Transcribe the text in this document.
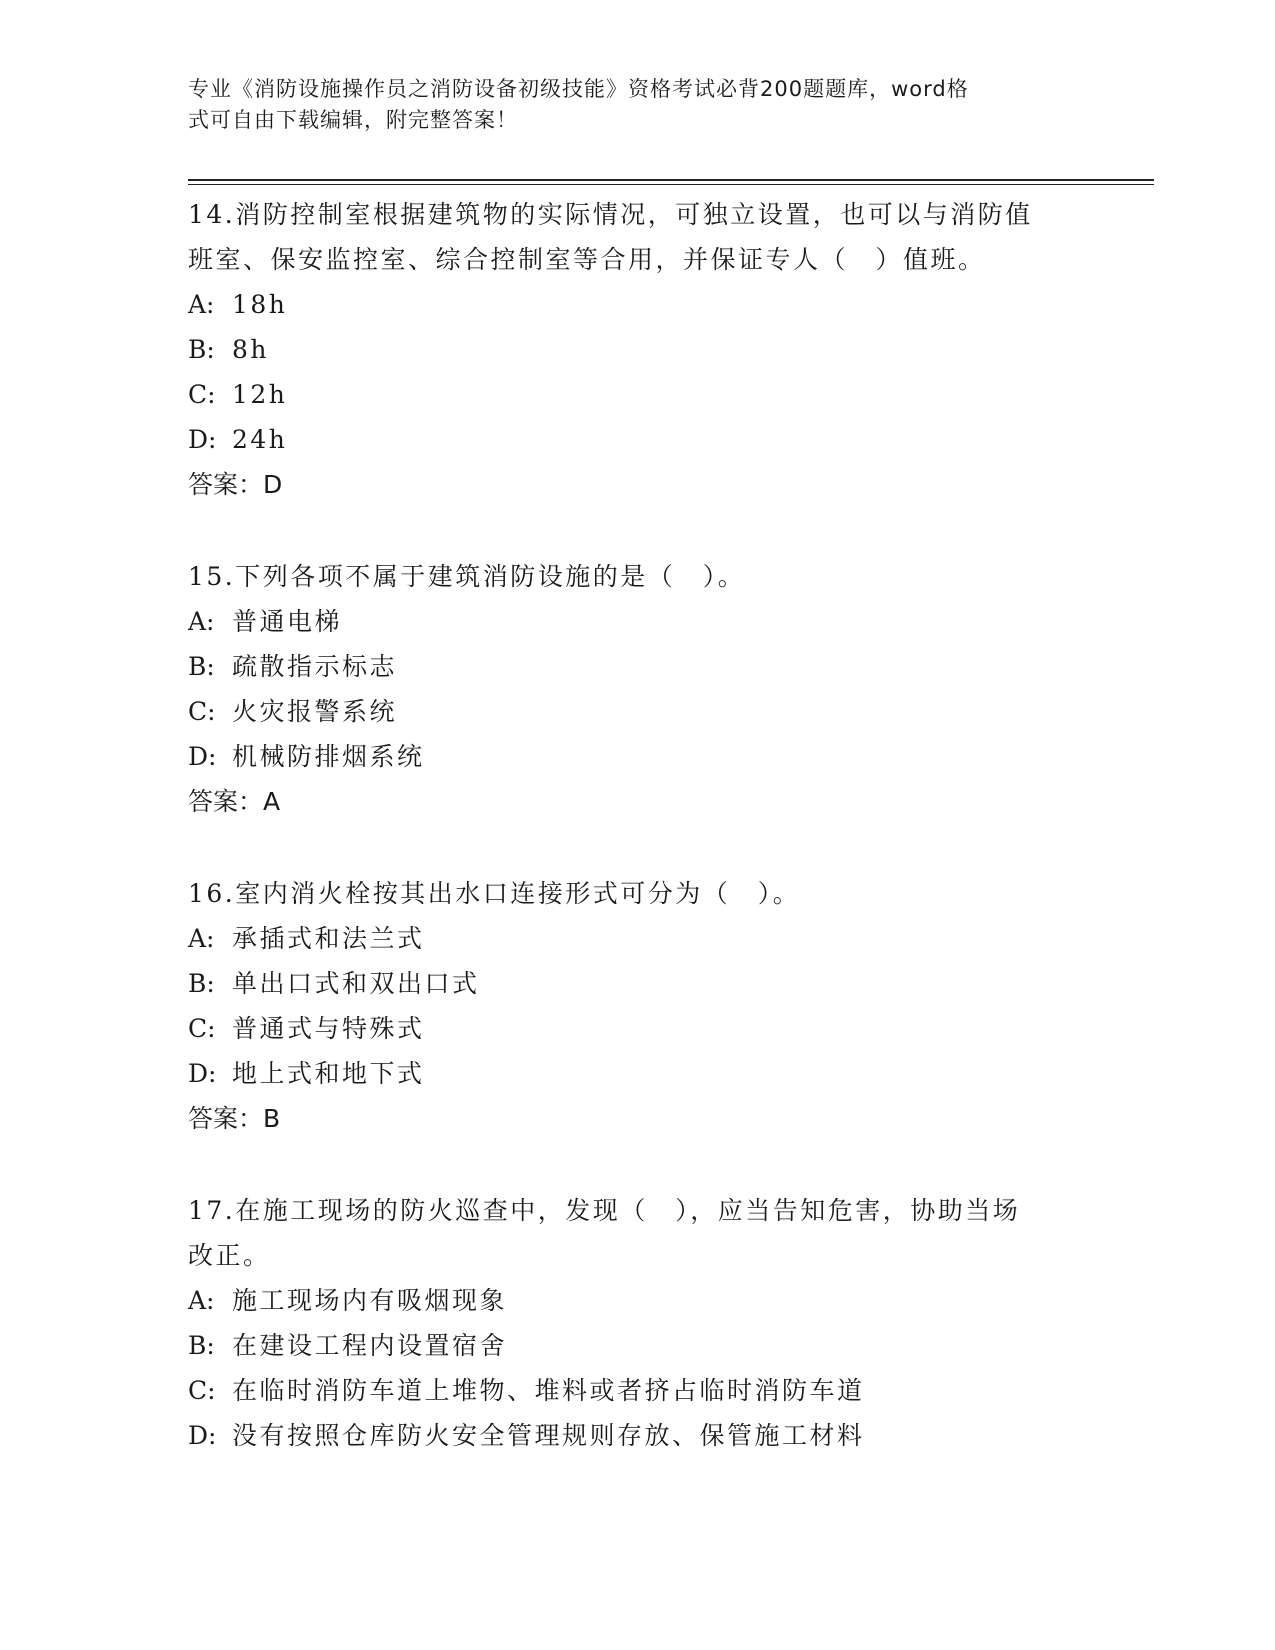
专业《消防设施操作员之消防设备初级技能》资格考试必背200题题库，word格
式可自由下载编辑，附完整答案！
14.消防控制室根据建筑物的实际情况，可独立设置，也可以与消防值
班室、保安监控室、综合控制室等合用，并保证专人（　）值班。
A: 18h
B: 8h
C: 12h
D: 24h
答案：D
15.下列各项不属于建筑消防设施的是（　）。
A: 普通电梯
B: 疏散指示标志
C: 火灾报警系统
D: 机械防排烟系统
答案：A
16.室内消火栓按其出水口连接形式可分为（　）。
A: 承插式和法兰式
B: 单出口式和双出口式
C: 普通式与特殊式
D: 地上式和地下式
答案：B
17.在施工现场的防火巡查中，发现（　），应当告知危害，协助当场
改正。
A: 施工现场内有吸烟现象
B: 在建设工程内设置宿舍
C: 在临时消防车道上堆物、堆料或者挤占临时消防车道
D: 没有按照仓库防火安全管理规则存放、保管施工材料
